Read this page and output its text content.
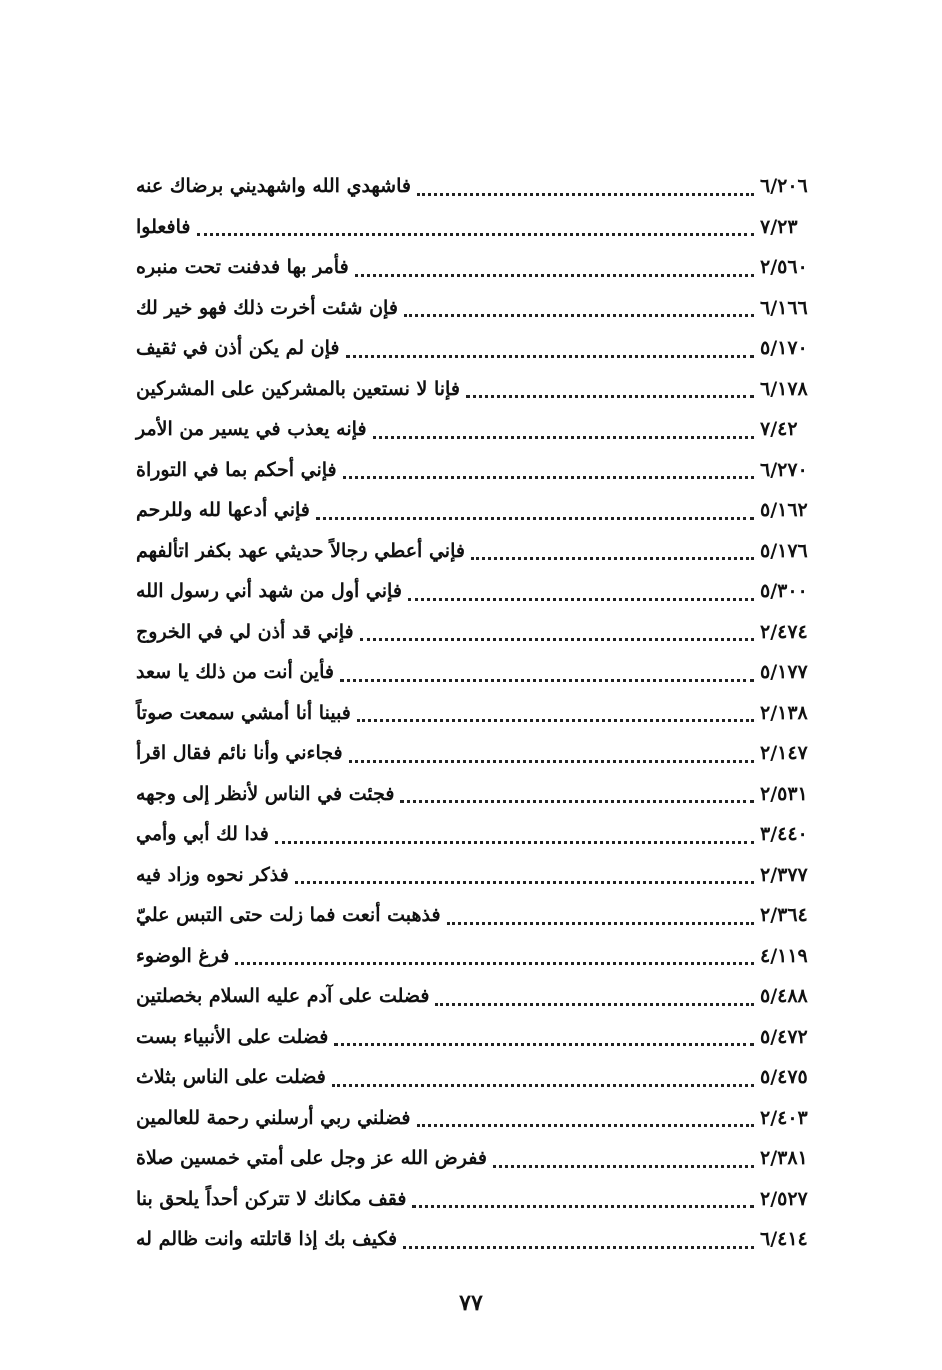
فاشهدي الله واشهديني برضاك عنه	٦/٢٠٦
فافعلوا	٧/٢٣
فأمر بها فدفنت تحت منبره	٢/٥٦٠
فإن شئت أخرت ذلك فهو خير لك	٦/١٦٦
فإن لم يكن أذن في ثقيف	٥/١٧٠
فإنا لا نستعين بالمشركين على المشركين	٦/١٧٨
فإنه يعذب في يسير من الأمر	٧/٤٢
فإني أحكم بما في التوراة	٦/٢٧٠
فإني أدعها لله وللرحم	٥/١٦٢
فإني أعطي رجالاً حديثي عهد بكفر اتألفهم	٥/١٧٦
فإني أول من شهد أني رسول الله	٥/٣٠٠
فإني قد أذن لي في الخروج	٢/٤٧٤
فأين أنت من ذلك يا سعد	٥/١٧٧
فبينا أنا أمشي سمعت صوتاً	٢/١٣٨
فجاءني وأنا نائم فقال اقرأ	٢/١٤٧
فجئت في الناس لأنظر إلى وجهه	٢/٥٣١
فدا لك أبي وأمي	٣/٤٤٠
فذكر نحوه وزاد فيه	٢/٣٧٧
فذهبت أنعت فما زلت حتى التبس عليّ	٢/٣٦٤
فرغ الوضوء	٤/١١٩
فضلت على آدم عليه السلام بخصلتين	٥/٤٨٨
فضلت على الأنبياء بست	٥/٤٧٢
فضلت على الناس بثلاث	٥/٤٧٥
فضلني ربي أرسلني رحمة للعالمين	٢/٤٠٣
ففرض الله عز وجل على أمتي خمسين صلاة	٢/٣٨١
فقف مكانك لا تتركن أحداً يلحق بنا	٢/٥٢٧
فكيف بك إذا قاتلته وانت ظالم له	٦/٤١٤
٧٧
